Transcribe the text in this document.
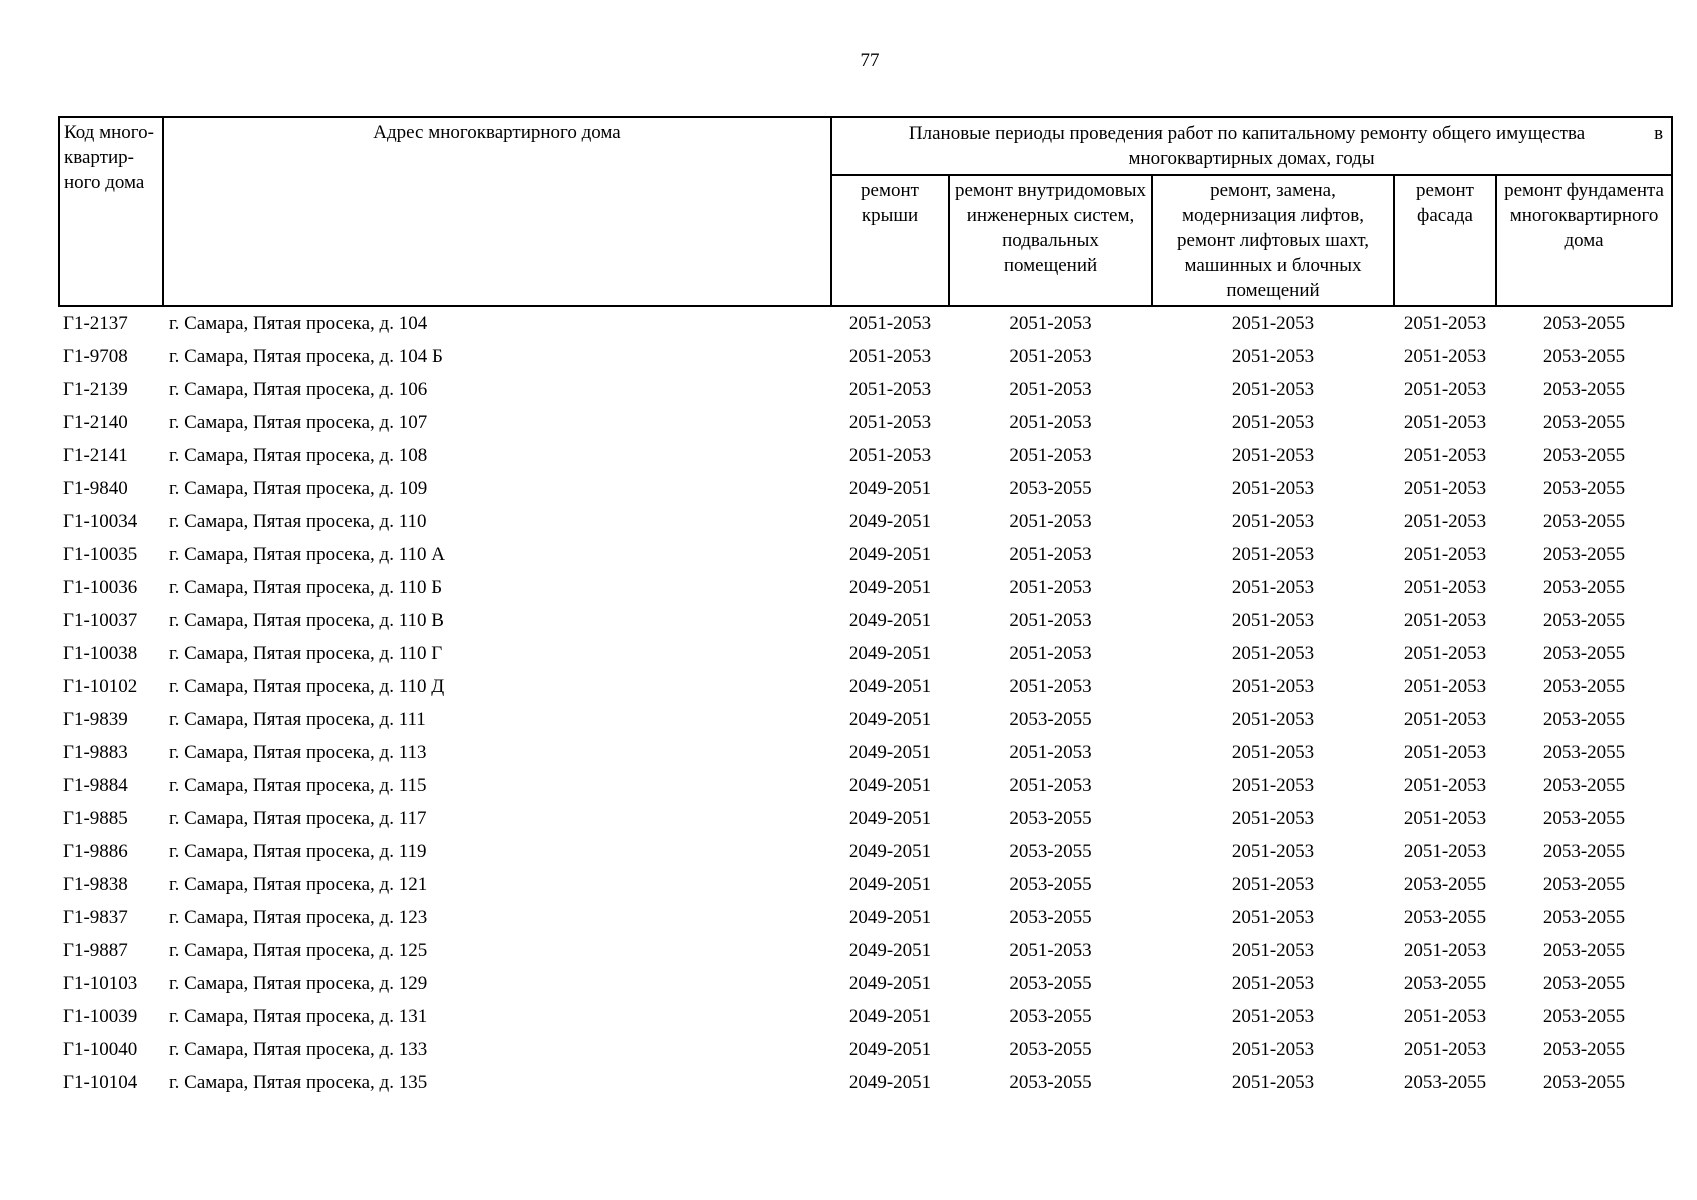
77
Код много-квартир-ного дома	Адрес многоквартирного дома	Плановые периоды проведения работ по капитальному ремонту общего имущества в
многоквартирных домах, годы				

		ремонт крыши	ремонт внутридомовых инженерных систем, подвальных помещений	ремонт, замена, модернизация лифтов, ремонт лифтовых шахт, машинных и блочных помещений	ремонт фасада	ремонт фундамента многоквартирного дома
Г1-2137	г. Самара, Пятая просека, д. 104	2051-2053	2051-2053	2051-2053	2051-2053	2053-2055
Г1-9708	г. Самара, Пятая просека, д. 104 Б	2051-2053	2051-2053	2051-2053	2051-2053	2053-2055
Г1-2139	г. Самара, Пятая просека, д. 106	2051-2053	2051-2053	2051-2053	2051-2053	2053-2055
Г1-2140	г. Самара, Пятая просека, д. 107	2051-2053	2051-2053	2051-2053	2051-2053	2053-2055
Г1-2141	г. Самара, Пятая просека, д. 108	2051-2053	2051-2053	2051-2053	2051-2053	2053-2055
Г1-9840	г. Самара, Пятая просека, д. 109	2049-2051	2053-2055	2051-2053	2051-2053	2053-2055
Г1-10034	г. Самара, Пятая просека, д. 110	2049-2051	2051-2053	2051-2053	2051-2053	2053-2055
Г1-10035	г. Самара, Пятая просека, д. 110 А	2049-2051	2051-2053	2051-2053	2051-2053	2053-2055
Г1-10036	г. Самара, Пятая просека, д. 110 Б	2049-2051	2051-2053	2051-2053	2051-2053	2053-2055
Г1-10037	г. Самара, Пятая просека, д. 110 В	2049-2051	2051-2053	2051-2053	2051-2053	2053-2055
Г1-10038	г. Самара, Пятая просека, д. 110 Г	2049-2051	2051-2053	2051-2053	2051-2053	2053-2055
Г1-10102	г. Самара, Пятая просека, д. 110 Д	2049-2051	2051-2053	2051-2053	2051-2053	2053-2055
Г1-9839	г. Самара, Пятая просека, д. 111	2049-2051	2053-2055	2051-2053	2051-2053	2053-2055
Г1-9883	г. Самара, Пятая просека, д. 113	2049-2051	2051-2053	2051-2053	2051-2053	2053-2055
Г1-9884	г. Самара, Пятая просека, д. 115	2049-2051	2051-2053	2051-2053	2051-2053	2053-2055
Г1-9885	г. Самара, Пятая просека, д. 117	2049-2051	2053-2055	2051-2053	2051-2053	2053-2055
Г1-9886	г. Самара, Пятая просека, д. 119	2049-2051	2053-2055	2051-2053	2051-2053	2053-2055
Г1-9838	г. Самара, Пятая просека, д. 121	2049-2051	2053-2055	2051-2053	2053-2055	2053-2055
Г1-9837	г. Самара, Пятая просека, д. 123	2049-2051	2053-2055	2051-2053	2053-2055	2053-2055
Г1-9887	г. Самара, Пятая просека, д. 125	2049-2051	2051-2053	2051-2053	2051-2053	2053-2055
Г1-10103	г. Самара, Пятая просека, д. 129	2049-2051	2053-2055	2051-2053	2053-2055	2053-2055
Г1-10039	г. Самара, Пятая просека, д. 131	2049-2051	2053-2055	2051-2053	2051-2053	2053-2055
Г1-10040	г. Самара, Пятая просека, д. 133	2049-2051	2053-2055	2051-2053	2051-2053	2053-2055
Г1-10104	г. Самара, Пятая просека, д. 135	2049-2051	2053-2055	2051-2053	2053-2055	2053-2055
